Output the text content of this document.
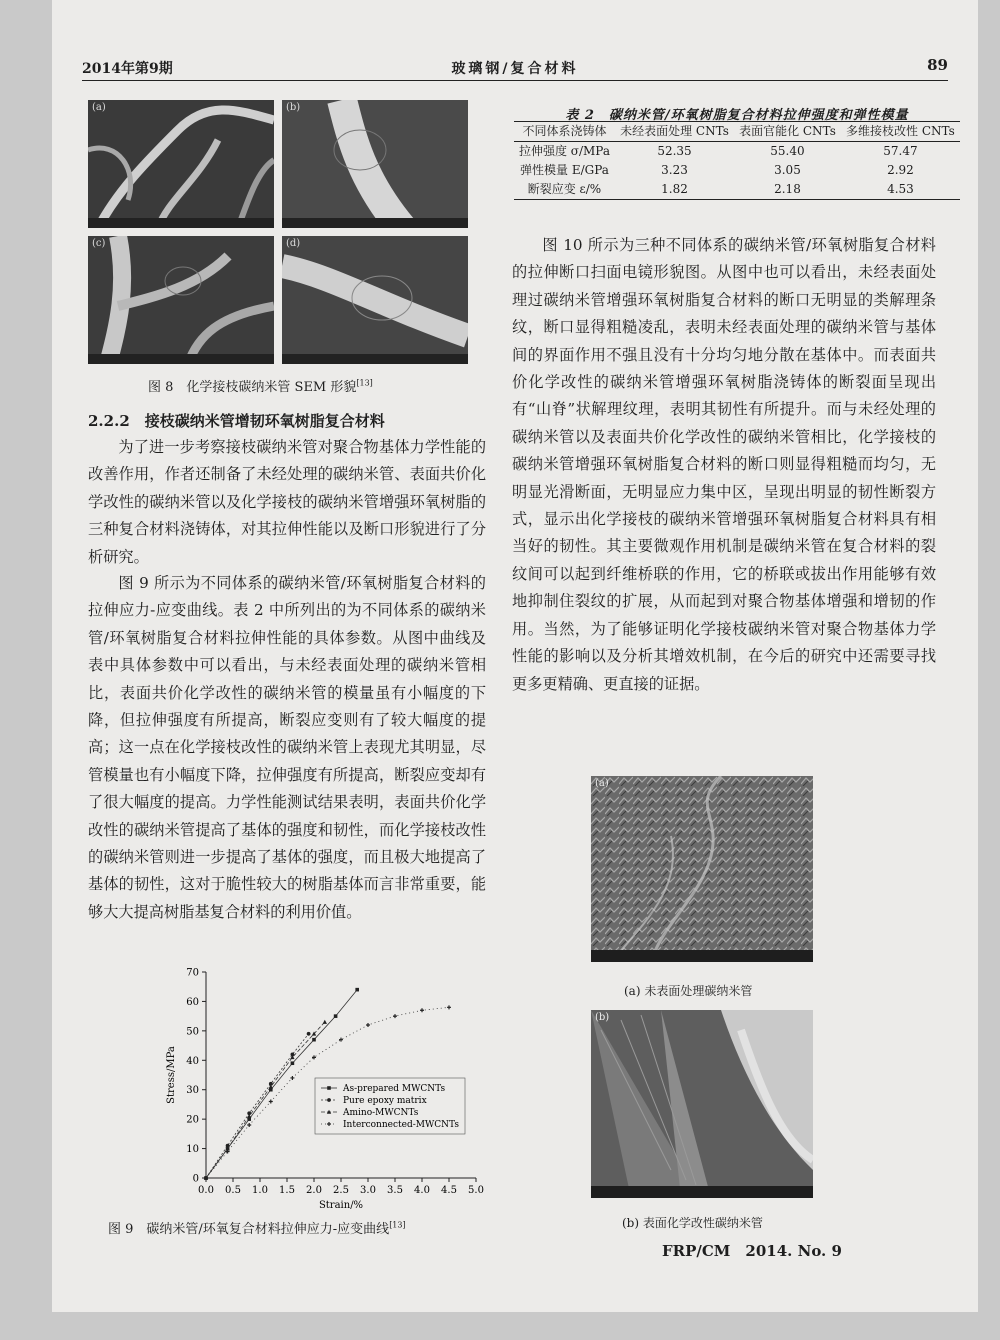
2014年第9期	玻璃钢/复合材料	89
(a)	(b)
(c)	(d)
图 8　化学接枝碳纳米管 SEM 形貌[13]
2.2.2　接枝碳纳米管增韧环氧树脂复合材料

为了进一步考察接枝碳纳米管对聚合物基体力学性能的改善作用，作者还制备了未经处理的碳纳米管、表面共价化学改性的碳纳米管以及化学接枝的碳纳米管增强环氧树脂的三种复合材料浇铸体，对其拉伸性能以及断口形貌进行了分析研究。

图 9 所示为不同体系的碳纳米管/环氧树脂复合材料的拉伸应力-应变曲线。表 2 中所列出的为不同体系的碳纳米管/环氧树脂复合材料拉伸性能的具体参数。从图中曲线及表中具体参数中可以看出，与未经表面处理的碳纳米管相比，表面共价化学改性的碳纳米管的模量虽有小幅度的下降，但拉伸强度有所提高，断裂应变则有了较大幅度的提高；这一点在化学接枝改性的碳纳米管上表现尤其明显，尽管模量也有小幅度下降，拉伸强度有所提高，断裂应变却有了很大幅度的提高。力学性能测试结果表明，表面共价化学改性的碳纳米管提高了基体的强度和韧性，而化学接枝改性的碳纳米管则进一步提高了基体的强度，而且极大地提高了基体的韧性，这对于脆性较大的树脂基体而言非常重要，能够大大提高树脂基复合材料的利用价值。

表 2　碳纳米管/环氧树脂复合材料拉伸强度和弹性模量
不同体系浇铸体	未经表面处理 CNTs	表面官能化 CNTs	多维接枝改性 CNTs
拉伸强度 σ/MPa	52.35	55.40	57.47
弹性模量 E/GPa	3.23	3.05	2.92
断裂应变 ε/%	1.82	2.18	4.53

图 10 所示为三种不同体系的碳纳米管/环氧树脂复合材料的拉伸断口扫面电镜形貌图。从图中也可以看出，未经表面处理过碳纳米管增强环氧树脂复合材料的断口无明显的类解理条纹，断口显得粗糙凌乱，表明未经表面处理的碳纳米管与基体间的界面作用不强且没有十分均匀地分散在基体中。而表面共价化学改性的碳纳米管增强环氧树脂浇铸体的断裂面呈现出有“山脊”状解理纹理，表明其韧性有所提升。而与未经处理的碳纳米管以及表面共价化学改性的碳纳米管相比，化学接枝的碳纳米管增强环氧树脂复合材料的断口则显得粗糙而均匀，无明显光滑断面，无明显应力集中区，呈现出明显的韧性断裂方式，显示出化学接枝的碳纳米管增强环氧树脂复合材料具有相当好的韧性。其主要微观作用机制是碳纳米管在复合材料的裂纹间可以起到纤维桥联的作用，它的桥联或拔出作用能够有效地抑制住裂纹的扩展，从而起到对聚合物基体增强和增韧的作用。当然，为了能够证明化学接枝碳纳米管对聚合物基体力学性能的影响以及分析其增效机制，在今后的研究中还需要寻找更多更精确、更直接的证据。

0.0 0.5 1.0 1.5 2.0 2.5 3.0 3.5 4.0 4.5 5.0
0
10
20
30
40
50
60
70
Strain/%
Stress/MPa	As-prepared MWCNTs
Pure epoxy matrix
Amino-MWCNTs
Interconnected-MWCNTs
图 9　碳纳米管/环氧复合材料拉伸应力-应变曲线[13]
(a)
(a) 未表面处理碳纳米管
(b)
(b) 表面化学改性碳纳米管
FRP/CM　2014. No. 9
